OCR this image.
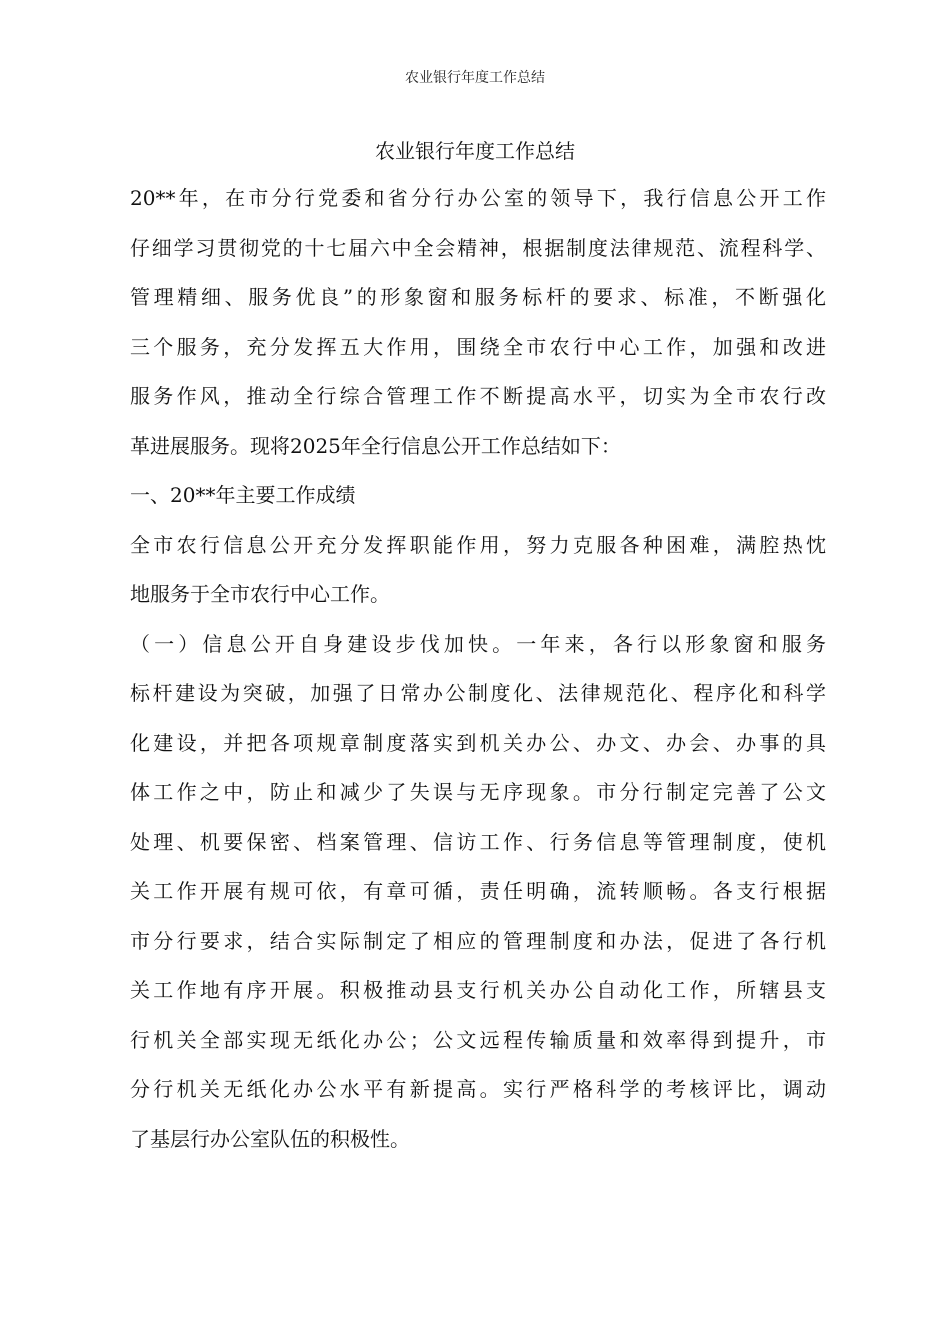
农业银行年度工作总结
农业银行年度工作总结
20**年，在市分行党委和省分行办公室的领导下，我行信息公开工作
仔细学习贯彻党的十七届六中全会精神，根据制度法律规范、流程科学、
管理精细、服务优良”的形象窗和服务标杆的要求、标准，不断强化
三个服务，充分发挥五大作用，围绕全市农行中心工作，加强和改进
服务作风，推动全行综合管理工作不断提高水平，切实为全市农行改
革进展服务。现将2025年全行信息公开工作总结如下：
一、20**年主要工作成绩
全市农行信息公开充分发挥职能作用，努力克服各种困难，满腔热忱
地服务于全市农行中心工作。
（一）信息公开自身建设步伐加快。一年来，各行以形象窗和服务
标杆建设为突破，加强了日常办公制度化、法律规范化、程序化和科学
化建设，并把各项规章制度落实到机关办公、办文、办会、办事的具
体工作之中，防止和减少了失误与无序现象。市分行制定完善了公文
处理、机要保密、档案管理、信访工作、行务信息等管理制度，使机
关工作开展有规可依，有章可循，责任明确，流转顺畅。各支行根据
市分行要求，结合实际制定了相应的管理制度和办法，促进了各行机
关工作地有序开展。积极推动县支行机关办公自动化工作，所辖县支
行机关全部实现无纸化办公；公文远程传输质量和效率得到提升，市
分行机关无纸化办公水平有新提高。实行严格科学的考核评比，调动
了基层行办公室队伍的积极性。
